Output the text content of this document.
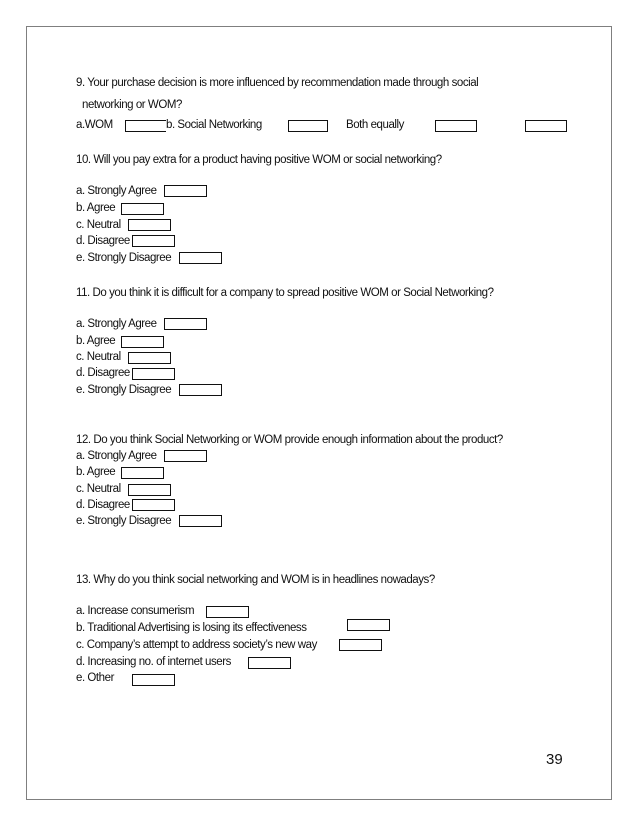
9. Your purchase decision is more influenced by recommendation made through social
networking or WOM?
a.WOM	b. Social Networking	Both equally
10. Will you pay extra for a product having positive WOM or social networking?
a. Strongly Agree
b. Agree
c. Neutral
d. Disagree
e. Strongly Disagree
11. Do you think it is difficult for a company to spread positive WOM or Social Networking?
a. Strongly Agree
b. Agree
c. Neutral
d. Disagree
e. Strongly Disagree
12. Do you think Social Networking or WOM provide enough information about the product?
a. Strongly Agree
b. Agree
c. Neutral
d. Disagree
e. Strongly Disagree
13. Why do you think social networking and WOM is in headlines nowadays?
a. Increase consumerism
b. Traditional Advertising is losing its effectiveness
c. Company’s attempt to address society’s new way
d. Increasing no. of internet users
e. Other
39
